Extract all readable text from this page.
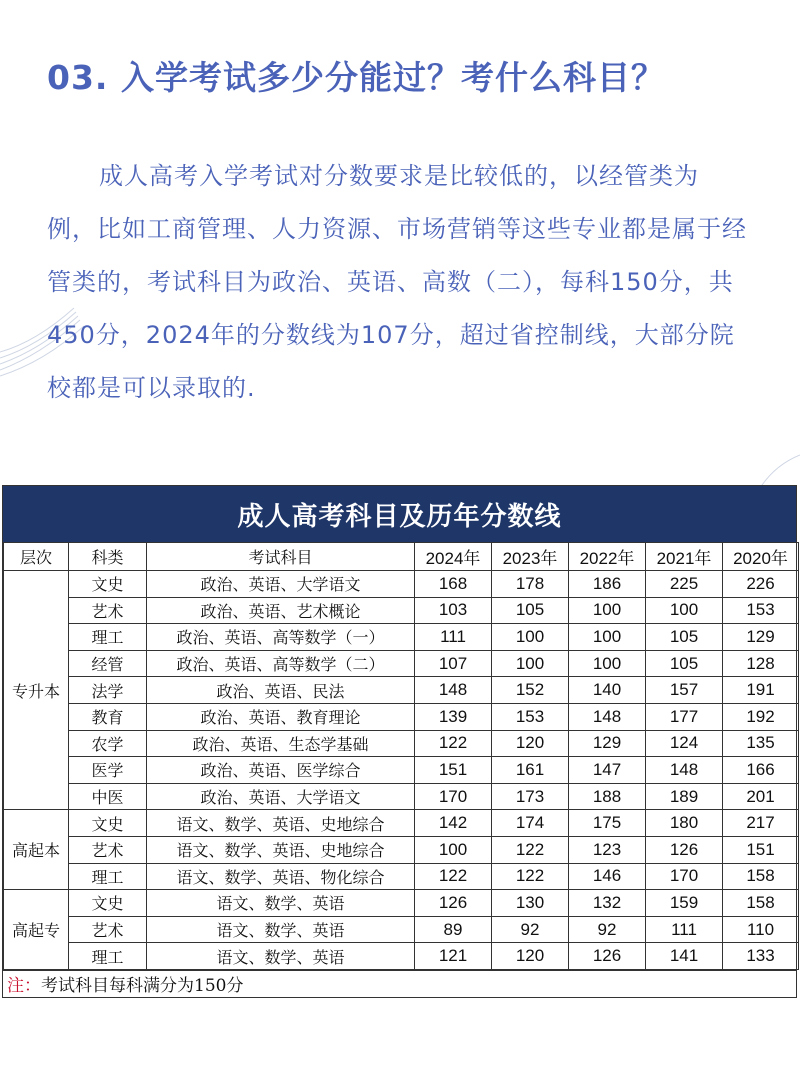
03. 入学考试多少分能过？考什么科目？

成人高考入学考试对分数要求是比较低的，以经管类为例，比如工商管理、人力资源、市场营销等这些专业都是属于经管类的，考试科目为政治、英语、高数（二），每科150分，共450分，2024年的分数线为107分，超过省控制线，大部分院校都是可以录取的.

成人高考科目及历年分数线
层次	科类	考试科目	2024年	2023年	2022年	2021年	2020年
专升本	文史	政治、英语、大学语文	168	178	186	225	226
	艺术	政治、英语、艺术概论	103	105	100	100	153
	理工	政治、英语、高等数学（一）	111	100	100	105	129
	经管	政治、英语、高等数学（二）	107	100	100	105	128
	法学	政治、英语、民法	148	152	140	157	191
	教育	政治、英语、教育理论	139	153	148	177	192
	农学	政治、英语、生态学基础	122	120	129	124	135
	医学	政治、英语、医学综合	151	161	147	148	166
	中医	政治、英语、大学语文	170	173	188	189	201
高起本	文史	语文、数学、英语、史地综合	142	174	175	180	217
	艺术	语文、数学、英语、史地综合	100	122	123	126	151
	理工	语文、数学、英语、物化综合	122	122	146	170	158
高起专	文史	语文、数学、英语	126	130	132	159	158
	艺术	语文、数学、英语	89	92	92	111	110
	理工	语文、数学、英语	121	120	126	141	133
注： 考试科目每科满分为150分
